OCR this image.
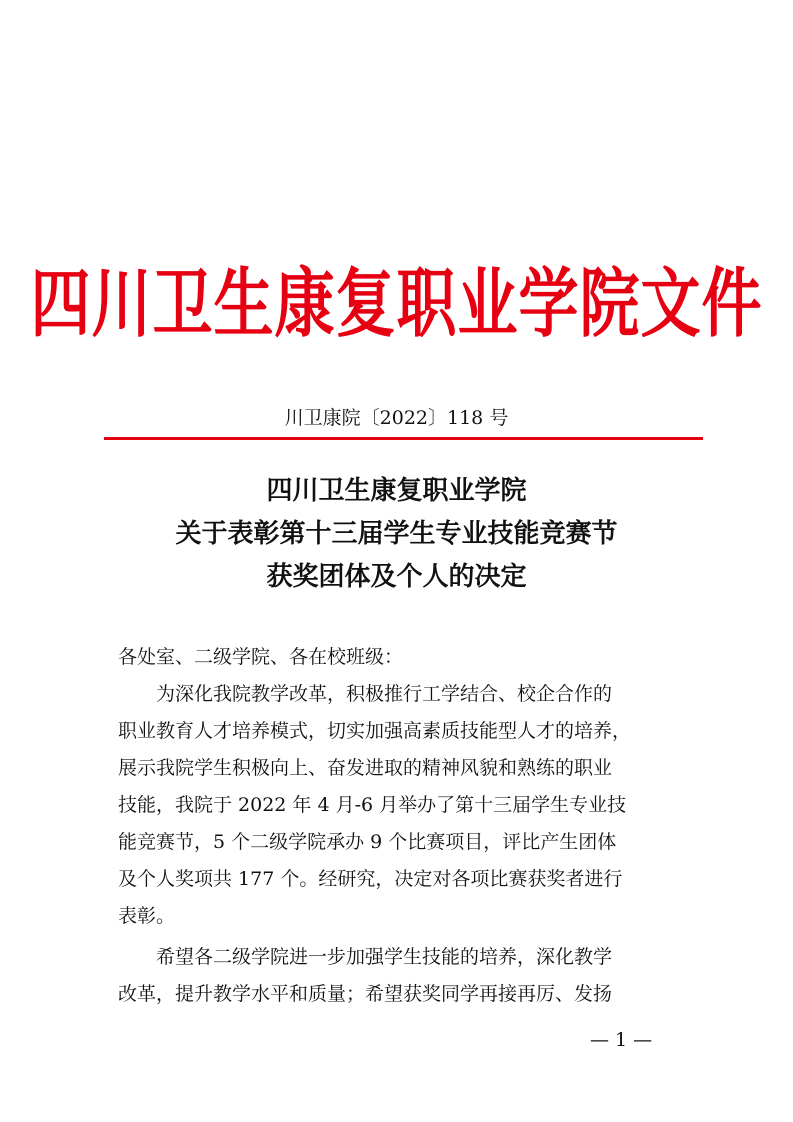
四川卫生康复职业学院文件
川卫康院〔2022〕118 号
四川卫生康复职业学院
关于表彰第十三届学生专业技能竞赛节
获奖团体及个人的决定
各处室、二级学院、各在校班级：
为深化我院教学改革，积极推行工学结合、校企合作的
职业教育人才培养模式，切实加强高素质技能型人才的培养，
展示我院学生积极向上、奋发进取的精神风貌和熟练的职业
技能，我院于 2022 年 4 月-6 月举办了第十三届学生专业技
能竞赛节，5 个二级学院承办 9 个比赛项目，评比产生团体
及个人奖项共 177 个。经研究，决定对各项比赛获奖者进行
表彰。
希望各二级学院进一步加强学生技能的培养，深化教学
改革，提升教学水平和质量；希望获奖同学再接再厉、发扬
— 1 —
